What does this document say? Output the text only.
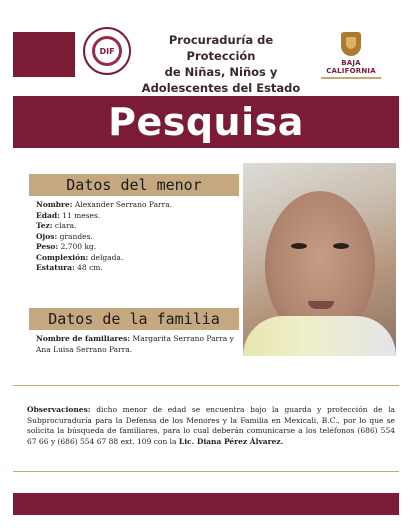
DIF
Procuraduría de Protección
de Niñas, Niños y
Adolescentes del Estado
BAJA CALIFORNIA
Pesquisa
Datos del menor
Nombre: Alexander Serrano Parra.
Edad: 11 meses.
Tez: clara.
Ojos: grandes.
Peso: 2.700 kg.
Complexión: delgada.
Estatura: 48 cm.
Datos de la familia
Nombre de familiares: Margarita Serrano Parra y Ana Luisa Serrano Parra.
Observaciones: dicho menor de edad se encuentra bajo la guarda y protección de la Subprocuraduría para la Defensa de los Menores y la Familia en Mexicali, B.C., por lo que se solicita la búsqueda de familiares, para lo cual deberán comunicarse a los teléfonos (686) 554 67 66 y (686) 554 67 88 ext. 109 con la Lic. Diana Pérez Álvarez.
